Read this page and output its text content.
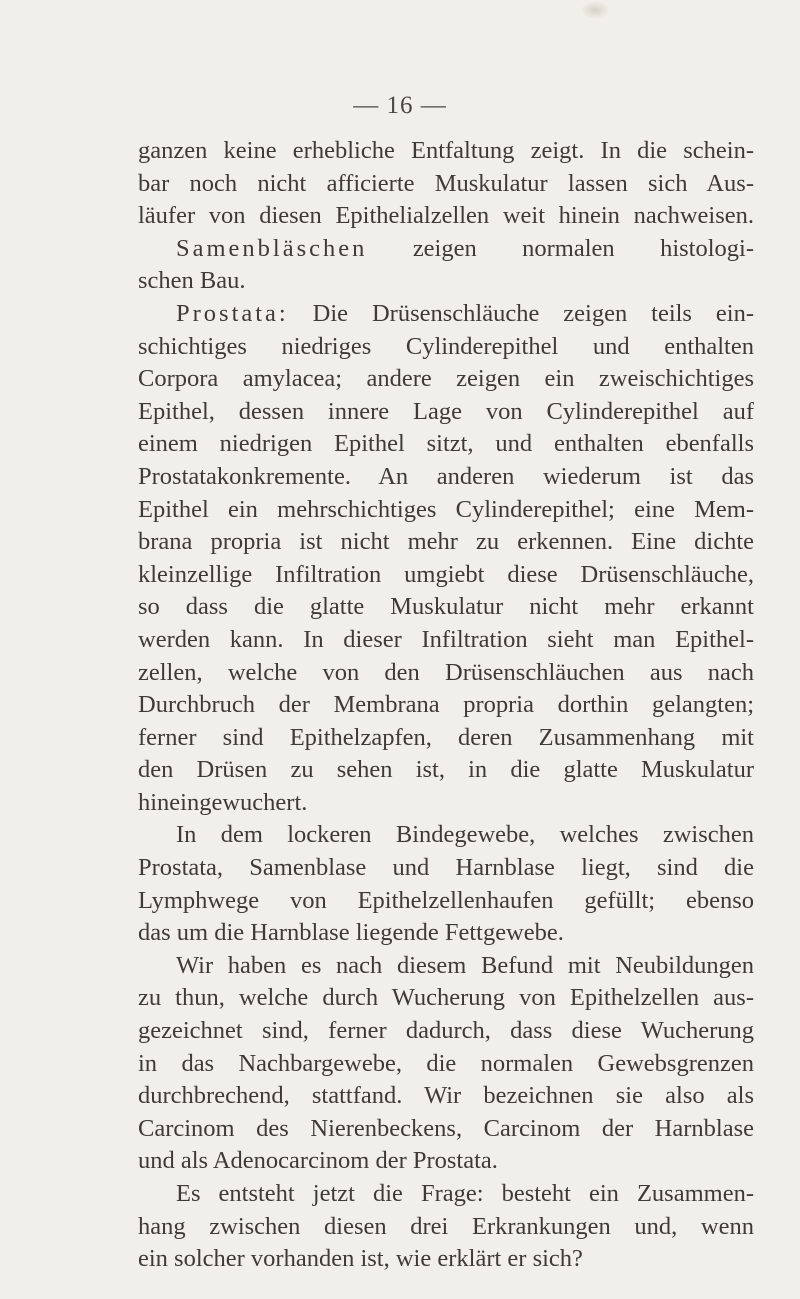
— 16 —
ganzen keine erhebliche Entfaltung zeigt. In die schein-
bar noch nicht afficierte Muskulatur lassen sich Aus-
läufer von diesen Epithelialzellen weit hinein nachweisen.
Samenbläschen zeigen normalen histologi-
schen Bau.
Prostata: Die Drüsenschläuche zeigen teils ein-
schichtiges niedriges Cylinderepithel und enthalten
Corpora amylacea; andere zeigen ein zweischichtiges
Epithel, dessen innere Lage von Cylinderepithel auf
einem niedrigen Epithel sitzt, und enthalten ebenfalls
Prostatakonkremente. An anderen wiederum ist das
Epithel ein mehrschichtiges Cylinderepithel; eine Mem-
brana propria ist nicht mehr zu erkennen. Eine dichte
kleinzellige Infiltration umgiebt diese Drüsenschläuche,
so dass die glatte Muskulatur nicht mehr erkannt
werden kann. In dieser Infiltration sieht man Epithel-
zellen, welche von den Drüsenschläuchen aus nach
Durchbruch der Membrana propria dorthin gelangten;
ferner sind Epithelzapfen, deren Zusammenhang mit
den Drüsen zu sehen ist, in die glatte Muskulatur
hineingewuchert.
In dem lockeren Bindegewebe, welches zwischen
Prostata, Samenblase und Harnblase liegt, sind die
Lymphwege von Epithelzellenhaufen gefüllt; ebenso
das um die Harnblase liegende Fettgewebe.
Wir haben es nach diesem Befund mit Neubildungen
zu thun, welche durch Wucherung von Epithelzellen aus-
gezeichnet sind, ferner dadurch, dass diese Wucherung
in das Nachbargewebe, die normalen Gewebsgrenzen
durchbrechend, stattfand. Wir bezeichnen sie also als
Carcinom des Nierenbeckens, Carcinom der Harnblase
und als Adenocarcinom der Prostata.
Es entsteht jetzt die Frage: besteht ein Zusammen-
hang zwischen diesen drei Erkrankungen und, wenn
ein solcher vorhanden ist, wie erklärt er sich?
